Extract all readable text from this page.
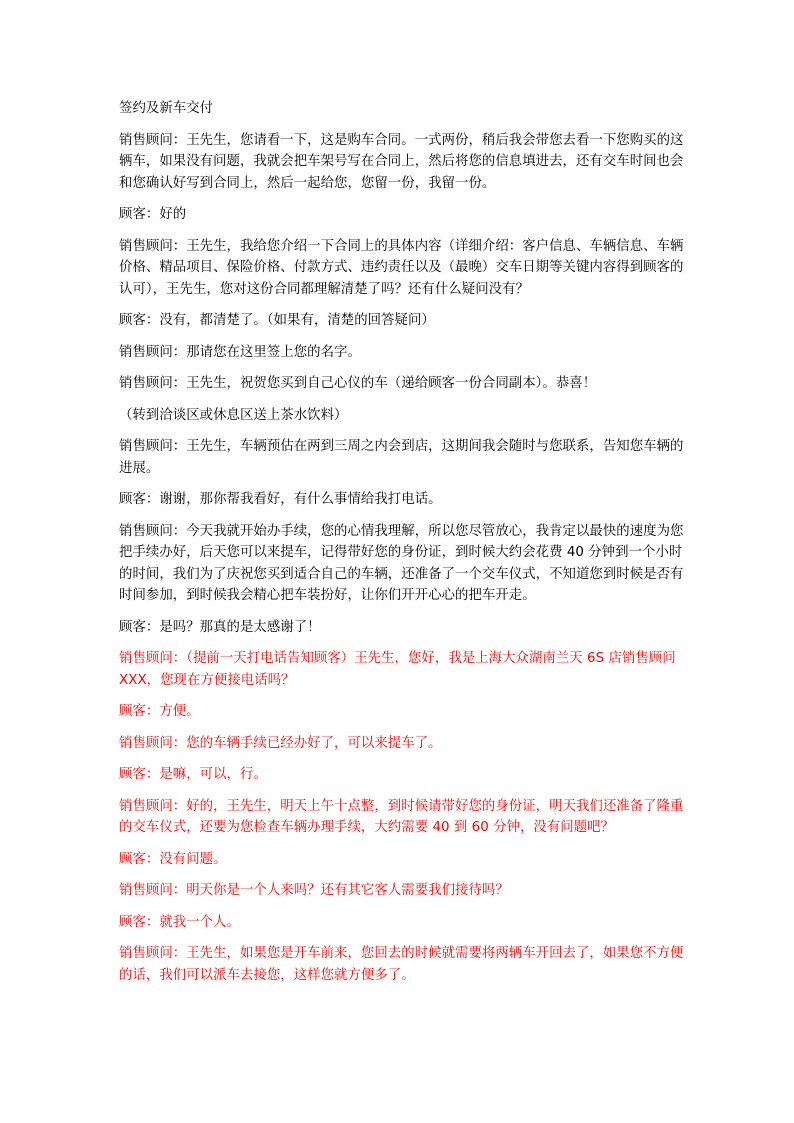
签约及新车交付

销售顾问：王先生，您请看一下，这是购车合同。一式两份，稍后我会带您去看一下您购买的这辆车，如果没有问题，我就会把车架号写在合同上，然后将您的信息填进去，还有交车时间也会和您确认好写到合同上，然后一起给您，您留一份，我留一份。

顾客：好的

销售顾问：王先生，我给您介绍一下合同上的具体内容（详细介绍：客户信息、车辆信息、车辆价格、精品项目、保险价格、付款方式、违约责任以及（最晚）交车日期等关键内容得到顾客的认可），王先生，您对这份合同都理解清楚了吗？还有什么疑问没有？

顾客：没有，都清楚了。（如果有，清楚的回答疑问）

销售顾问：那请您在这里签上您的名字。

销售顾问：王先生，祝贺您买到自己心仪的车（递给顾客一份合同副本）。恭喜！

（转到洽谈区或休息区送上茶水饮料）

销售顾问：王先生，车辆预估在两到三周之内会到店，这期间我会随时与您联系，告知您车辆的进展。

顾客：谢谢，那你帮我看好，有什么事情给我打电话。

销售顾问：今天我就开始办手续，您的心情我理解，所以您尽管放心，我肯定以最快的速度为您把手续办好，后天您可以来提车，记得带好您的身份证，到时候大约会花费 40 分钟到一个小时的时间，我们为了庆祝您买到适合自己的车辆，还准备了一个交车仪式，不知道您到时候是否有时间参加，到时候我会精心把车装扮好，让你们开开心心的把车开走。

顾客：是吗？那真的是太感谢了！

销售顾问：（提前一天打电话告知顾客）王先生，您好，我是上海大众湖南兰天 6S 店销售顾问 XXX，您现在方便接电话吗？

顾客：方便。

销售顾问：您的车辆手续已经办好了，可以来提车了。

顾客：是嘛，可以，行。

销售顾问：好的，王先生，明天上午十点整，到时候请带好您的身份证，明天我们还准备了隆重的交车仪式，还要为您检查车辆办理手续，大约需要 40 到 60 分钟，没有问题吧？

顾客：没有问题。

销售顾问：明天你是一个人来吗？还有其它客人需要我们接待吗？

顾客：就我一个人。

销售顾问：王先生，如果您是开车前来，您回去的时候就需要将两辆车开回去了，如果您不方便的话，我们可以派车去接您，这样您就方便多了。
